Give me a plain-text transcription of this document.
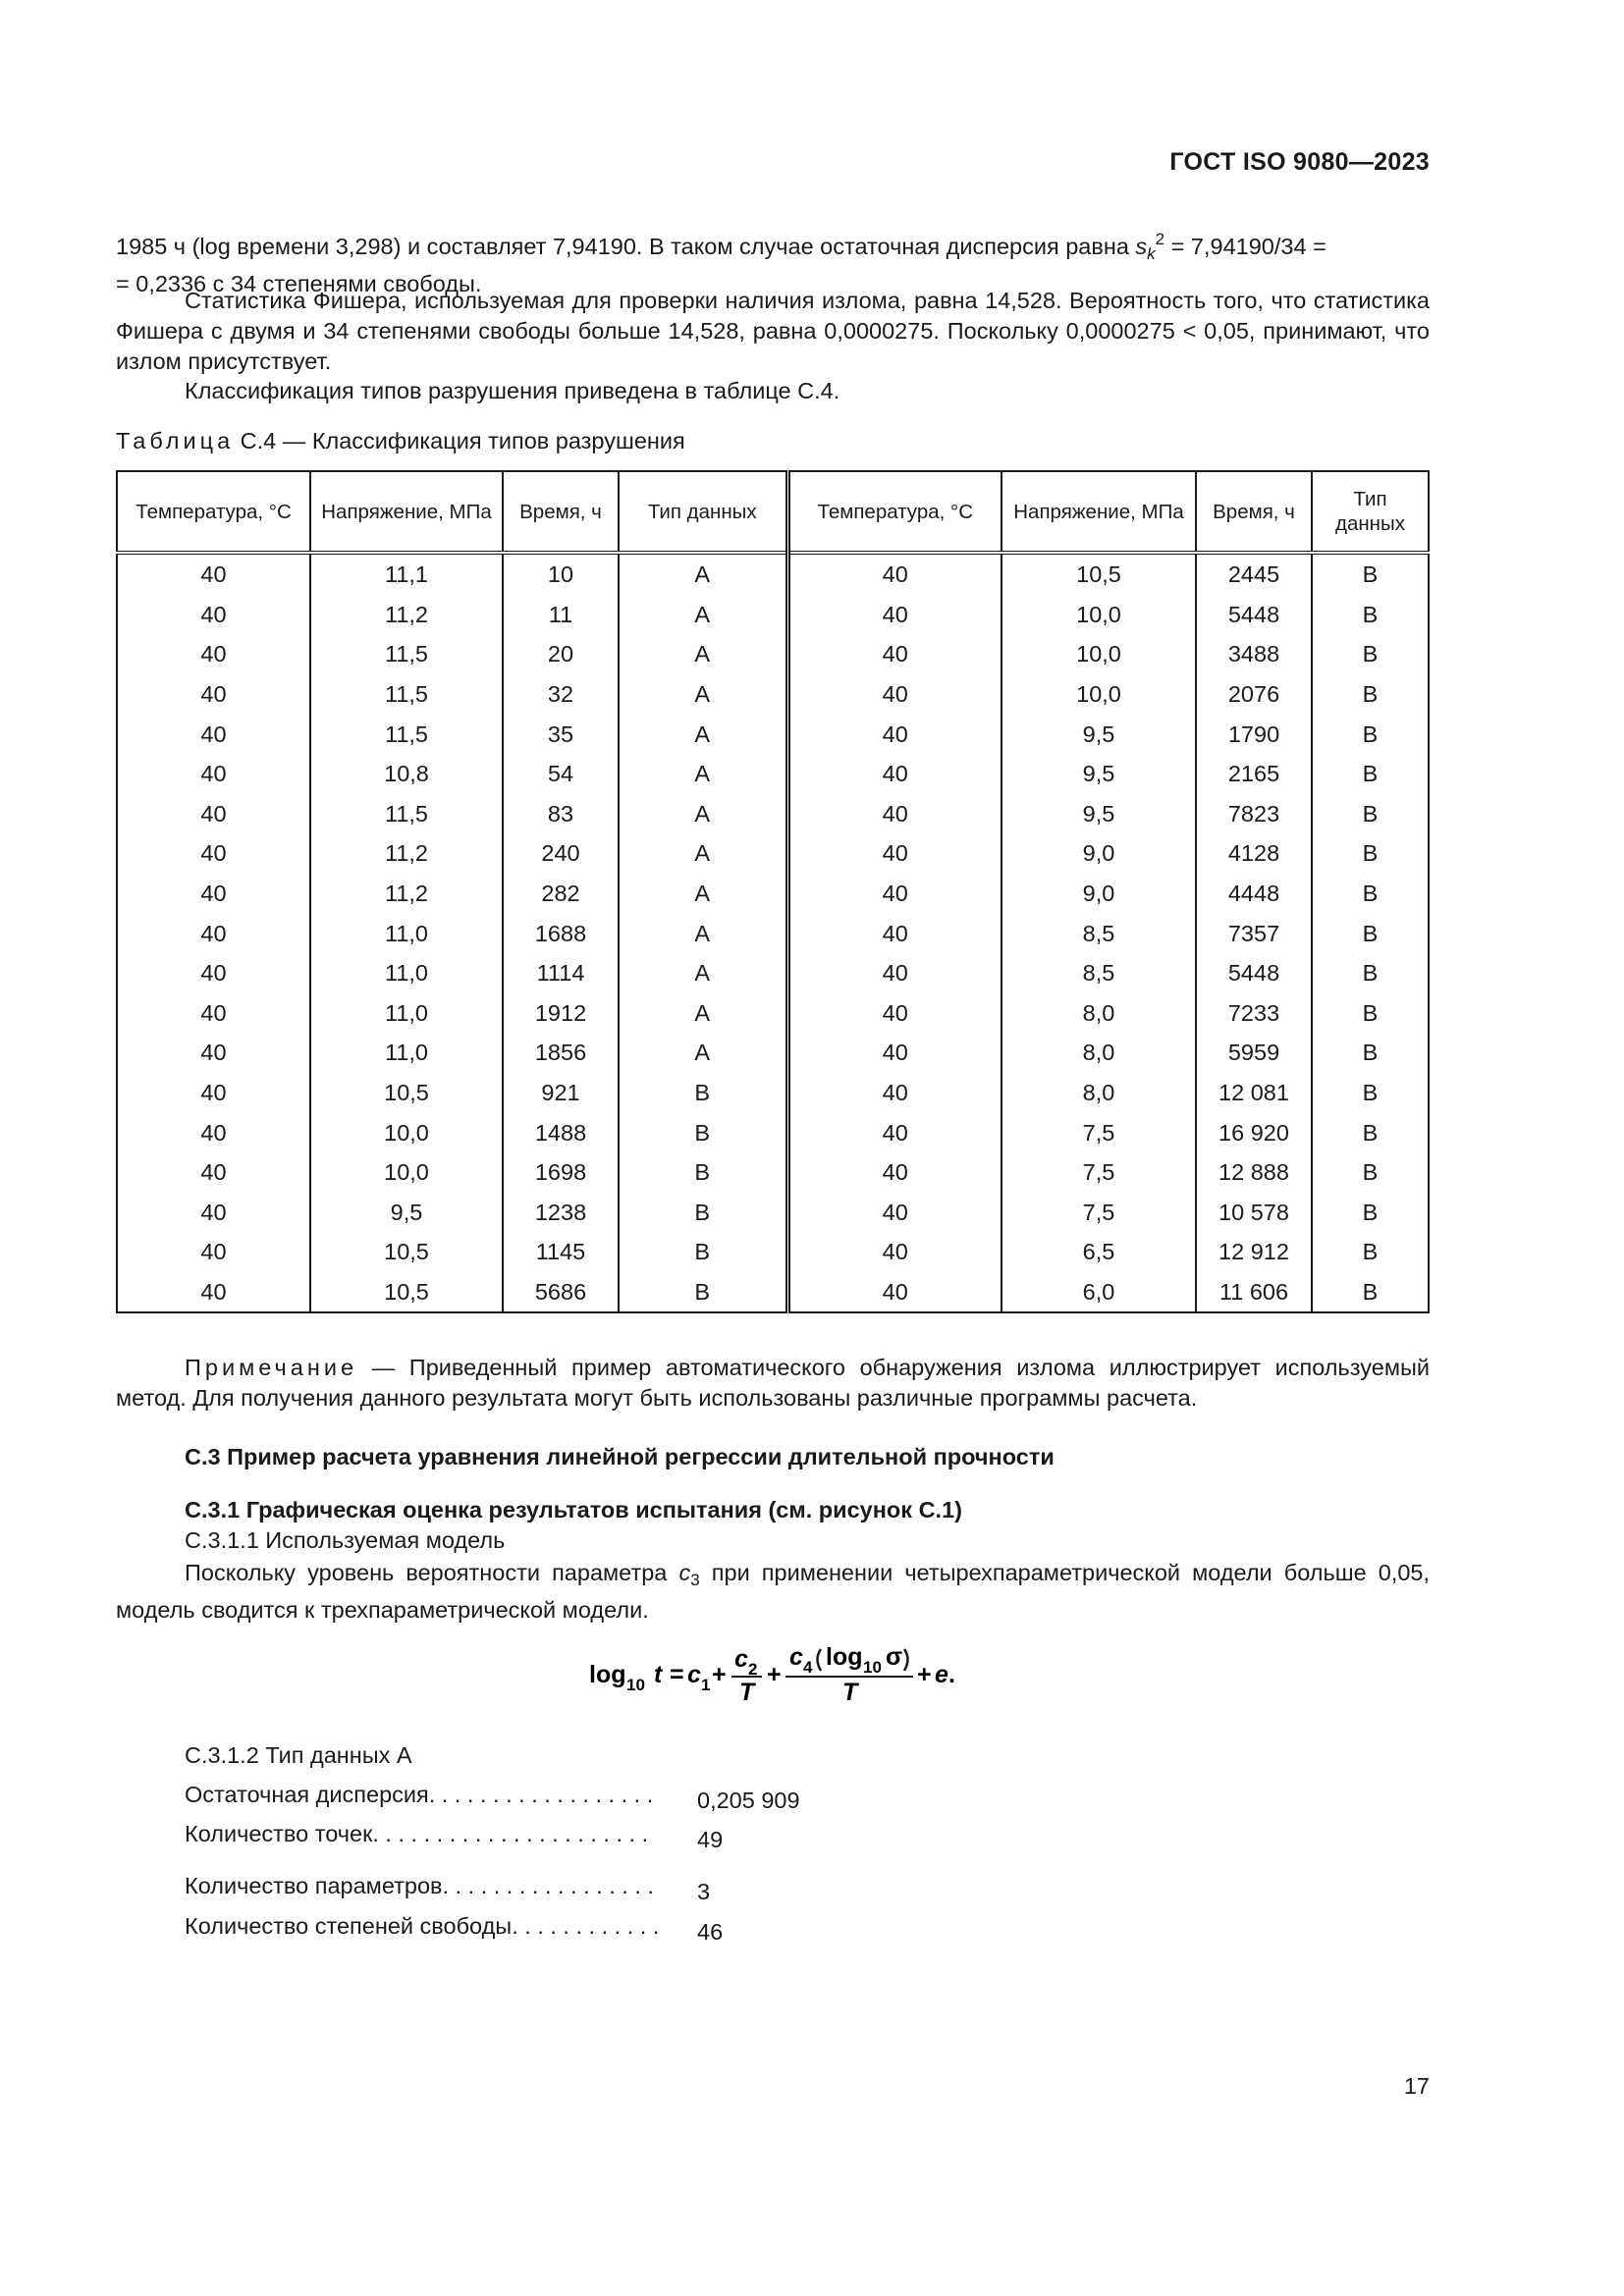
ГОСТ ISO 9080—2023
1985 ч (log времени 3,298) и составляет 7,94190. В таком случае остаточная дисперсия равна $s_k^2 = 7,94190/34$ =
= 0,2336 с 34 степенями свободы.
Статистика Фишера, используемая для проверки наличия излома, равна 14,528. Вероятность того, что статистика Фишера с двумя и 34 степенями свободы больше 14,528, равна 0,0000275. Поскольку 0,0000275 < 0,05, принимают, что излом присутствует.
Классификация типов разрушения приведена в таблице С.4.
Таблица С.4 — Классификация типов разрушения
Температура, °С	Напряжение, МПа	Время, ч	Тип данных	Температура, °С	Напряжение, МПа	Время, ч	Тип данных
40	11,1	10	А	40	10,5	2445	В
40	11,2	11	А	40	10,0	5448	В
40	11,5	20	А	40	10,0	3488	В
40	11,5	32	А	40	10,0	2076	В
40	11,5	35	А	40	9,5	1790	В
40	10,8	54	А	40	9,5	2165	В
40	11,5	83	А	40	9,5	7823	В
40	11,2	240	А	40	9,0	4128	В
40	11,2	282	А	40	9,0	4448	В
40	11,0	1688	А	40	8,5	7357	В
40	11,0	1114	А	40	8,5	5448	В
40	11,0	1912	А	40	8,0	7233	В
40	11,0	1856	А	40	8,0	5959	В
40	10,5	921	В	40	8,0	12 081	В
40	10,0	1488	В	40	7,5	16 920	В
40	10,0	1698	В	40	7,5	12 888	В
40	9,5	1238	В	40	7,5	10 578	В
40	10,5	1145	В	40	6,5	12 912	В
40	10,5	5686	В	40	6,0	11 606	В
Примечание — Приведенный пример автоматического обнаружения излома иллюстрирует используемый метод. Для получения данного результата могут быть использованы различные программы расчета.
С.3 Пример расчета уравнения линейной регрессии длительной прочности
С.3.1 Графическая оценка результатов испытания (см. рисунок С.1)
С.3.1.1 Используемая модель
Поскольку уровень вероятности параметра $c_3$ при применении четырехпараметрической модели больше 0,05, модель сводится к трехпараметрической модели.
log 10 t = c 1 +
c 2
T
+
c 4 log 10 σ
T
+ e .
С.3.1.2 Тип данных А
Остаточная дисперсия. . . . . . . . . . . . . . . . . . 0,205 909
Количество точек. . . . . . . . . . . . . . . . . . . . . . 49
Количество параметров. . . . . . . . . . . . . . . . . 3
Количество степеней свободы. . . . . . . . . . . . 46
17
